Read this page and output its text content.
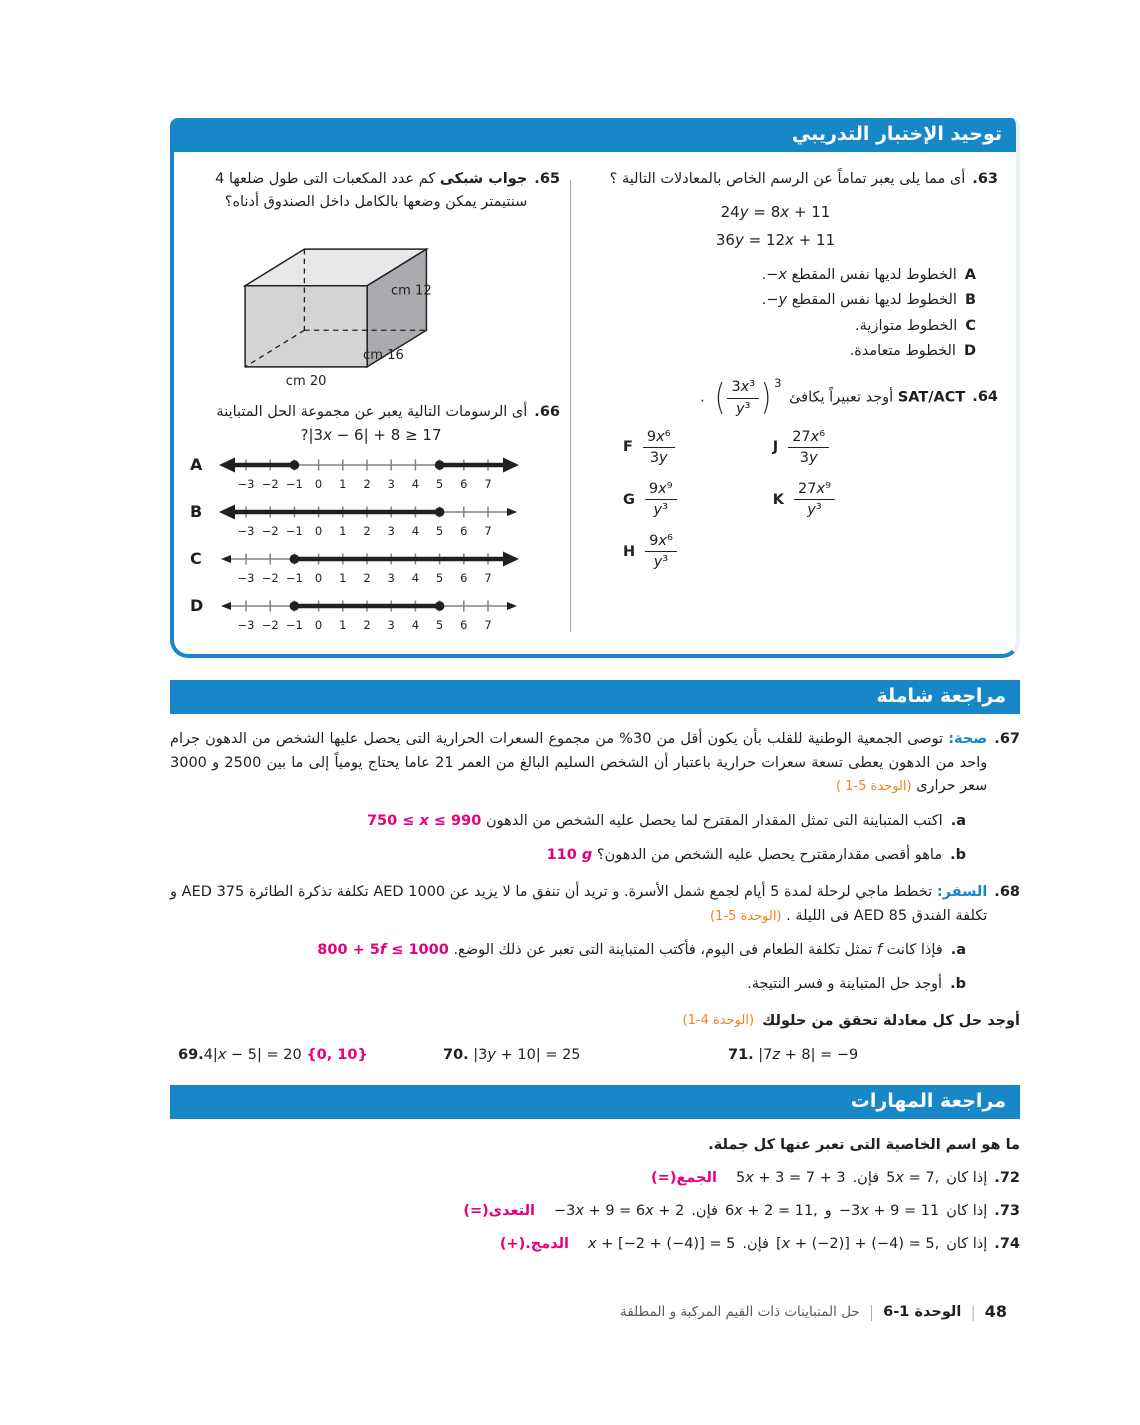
توحيد الإختبار التدريبي
63.
أى مما يلى يعبر تماماً عن الرسم الخاص بالمعادلات التالية ؟
24y = 8x + 11
36y = 12x + 11
A
الخطوط لديها نفس المقطع −x.
B
الخطوط لديها نفس المقطع −y.
C
الخطوط متوازية.
D
الخطوط متعامدة.
64.
SAT/ACT أوجد تعبيراً يكافئ
( $\frac{\text{3x³}}{\text{y³}} )^3$
.
F $\frac{\text{9x⁶}}{3y}$
G $\frac{\text{9x⁹}}{\text{y³}}$
H $\frac{\text{9x⁶}}{\text{y³}}$
J $\frac{\text{27x⁶}}{3y}$
K $\frac{\text{27x⁹}}{\text{y³}}$
65.
جواب شبكى كم عدد المكعبات التى طول ضلعها 4 سنتيمتر يمكن وضعها بالكامل داخل الصندوق أدناه؟
12 cm
16 cm
20 cm
66.
أى الرسومات التالية يعبر عن مجموعة الحل المتباينة
|3x − 6| + 8 ≥ 17?
A
−3 −2 −1 0 1 2 3 4 5 6 7
B
−3 −2 −1 0 1 2 3 4 5 6 7
C
−3 −2 −1 0 1 2 3 4 5 6 7
D
−3 −2 −1 0 1 2 3 4 5 6 7
مراجعة شاملة
67.
صحة: توصى الجمعية الوطنية للقلب بأن يكون أقل من 30% من مجموع السعرات الحرارية التى يحصل عليها الشخص من الدهون جرام واحد من الدهون يعطى تسعة سعرات حرارية باعتبار أن الشخص السليم البالغ من العمر 21 عاما يحتاج يومياً إلى ما بين 2500 و 3000 سعر حرارى ( 1-5 الوحدة)
a.
اكتب المتباينة التى تمثل المقدار المقترح لما يحصل عليه الشخص من الدهون 750 ≤ x ≤ 990
b.
ماهو أقصى مقدارمقترح يحصل عليه الشخص من الدهون؟ 110 g
68.
السفر: تخطط ماجي لرحلة لمدة 5 أيام لجمع شمل الأسرة. و تريد أن تنفق ما لا يزيد عن 1000 AED تكلفة تذكرة الطائرة 375 AED و تكلفة الفندق 85 AED فى الليلة . (1-5 الوحدة)
a.
فإذا كانت f تمثل تكلفة الطعام فى اليوم، فأكتب المتباينة التى تعبر عن ذلك الوضع. 800 + 5f ≤ 1000
b.
أوجد حل المتباينة و فسر النتيجة.
أوجد حل كل معادلة تحقق من حلولك
(1-4 الوحدة)
69.4|x − 5| = 20 {0, 10}	70. |3y + 10| = 25	71. |7z + 8| = −9
مراجعة المهارات
ما هو اسم الخاصية التى تعبر عنها كل جملة.
72.
إذا كان
5x = 7,
فإن.
5x + 3 = 7 + 3
الجمع(=)
73.
إذا كان
−3x + 9 = 11
و
6x + 2 = 11,
فإن.
−3x + 9 = 6x + 2
التعدى(=)
74.
إذا كان
[x + (−2)] + (−4) = 5,
فإن.
x + [−2 + (−4)] = 5
الدمج.(+)
48
|
الوحدة 1-6
|
حل المتباينات ذات القيم المركبة و المطلقة
